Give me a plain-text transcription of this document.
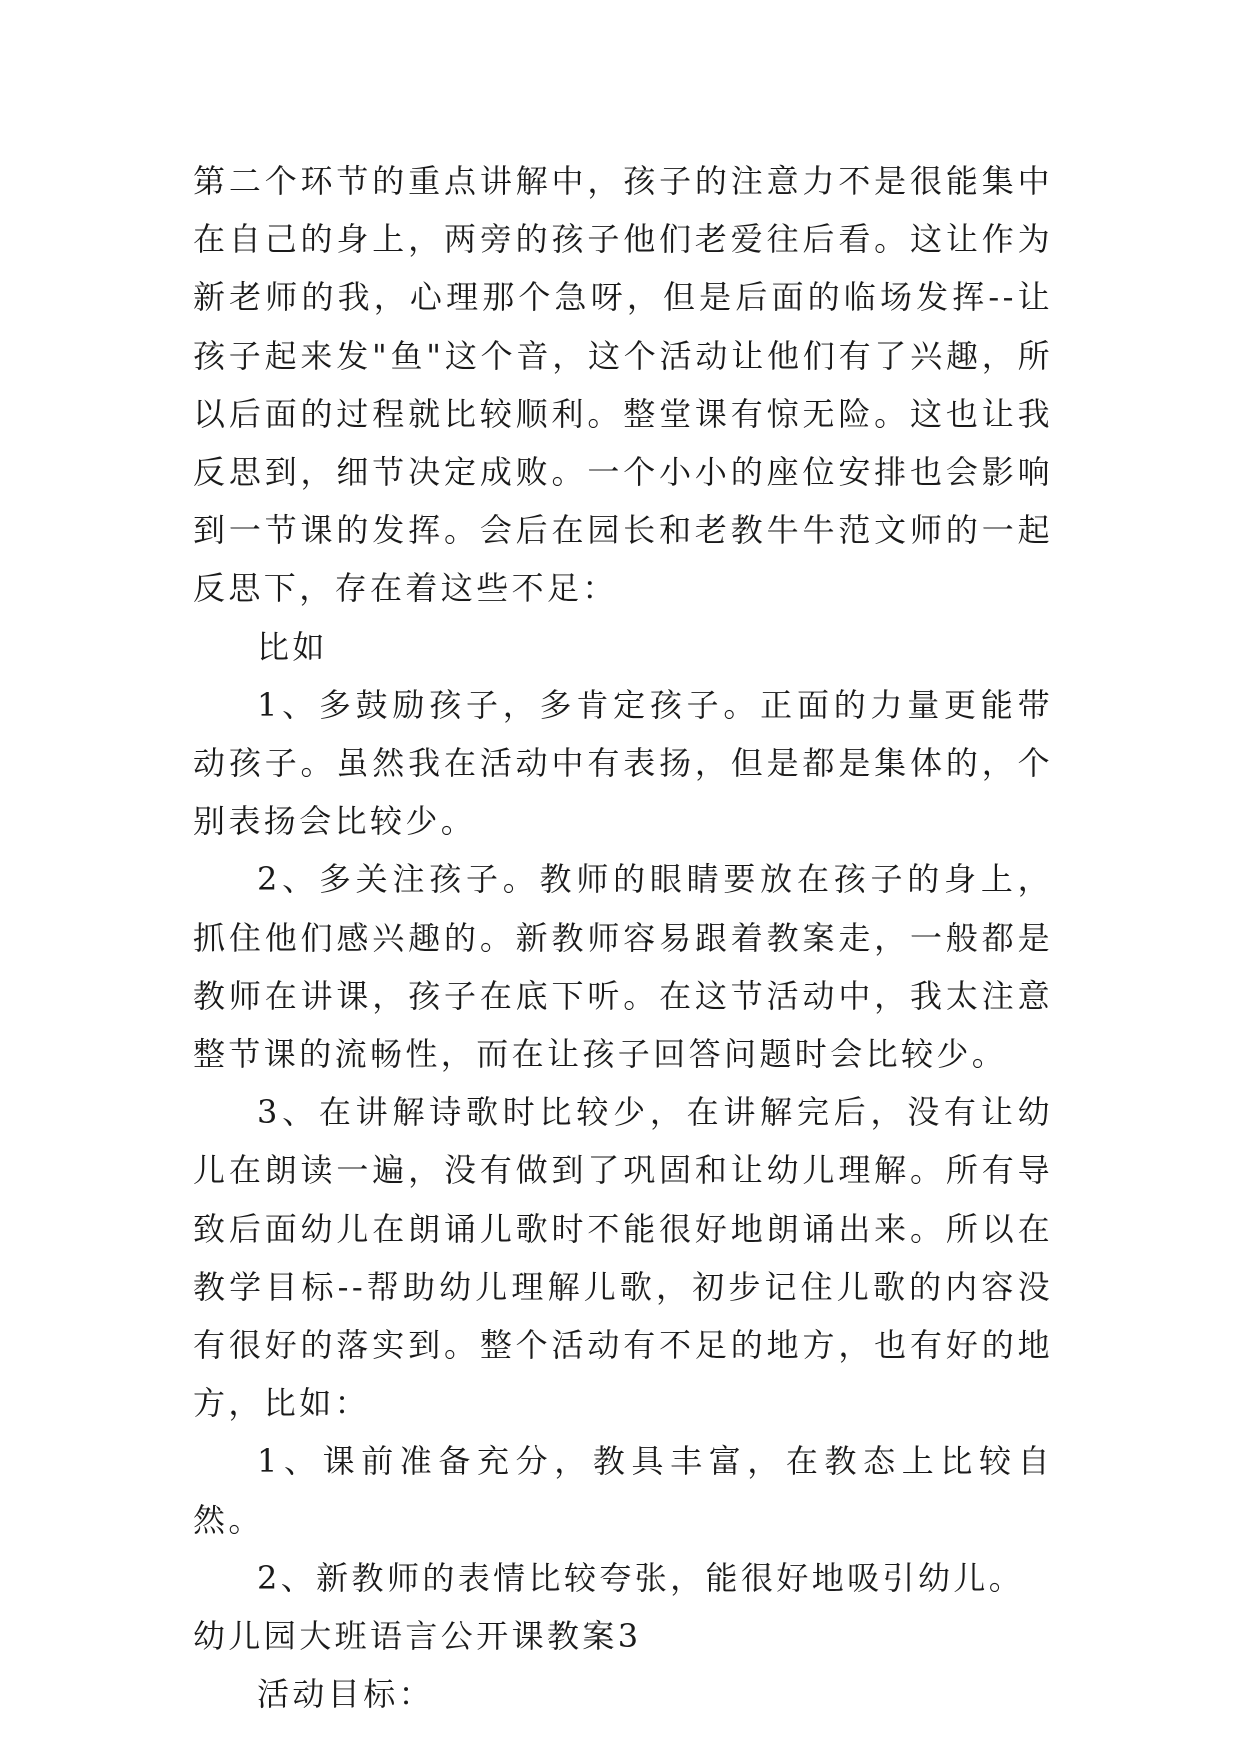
第二个环节的重点讲解中，孩子的注意力不是很能集中在自己的身上，两旁的孩子他们老爱往后看。这让作为新老师的我，心理那个急呀，但是后面的临场发挥--让孩子起来发"鱼"这个音，这个活动让他们有了兴趣，所以后面的过程就比较顺利。整堂课有惊无险。这也让我反思到，细节决定成败。一个小小的座位安排也会影响到一节课的发挥。会后在园长和老教牛牛范文师的一起反思下，存在着这些不足：

比如

1、多鼓励孩子，多肯定孩子。正面的力量更能带动孩子。虽然我在活动中有表扬，但是都是集体的，个别表扬会比较少。

2、多关注孩子。教师的眼睛要放在孩子的身上，抓住他们感兴趣的。新教师容易跟着教案走，一般都是教师在讲课，孩子在底下听。在这节活动中，我太注意整节课的流畅性，而在让孩子回答问题时会比较少。

3、在讲解诗歌时比较少，在讲解完后，没有让幼儿在朗读一遍，没有做到了巩固和让幼儿理解。所有导致后面幼儿在朗诵儿歌时不能很好地朗诵出来。所以在教学目标--帮助幼儿理解儿歌，初步记住儿歌的内容没有很好的落实到。整个活动有不足的地方，也有好的地方，比如：

1、课前准备充分，教具丰富，在教态上比较自然。

2、新教师的表情比较夸张，能很好地吸引幼儿。

幼儿园大班语言公开课教案3

活动目标：
